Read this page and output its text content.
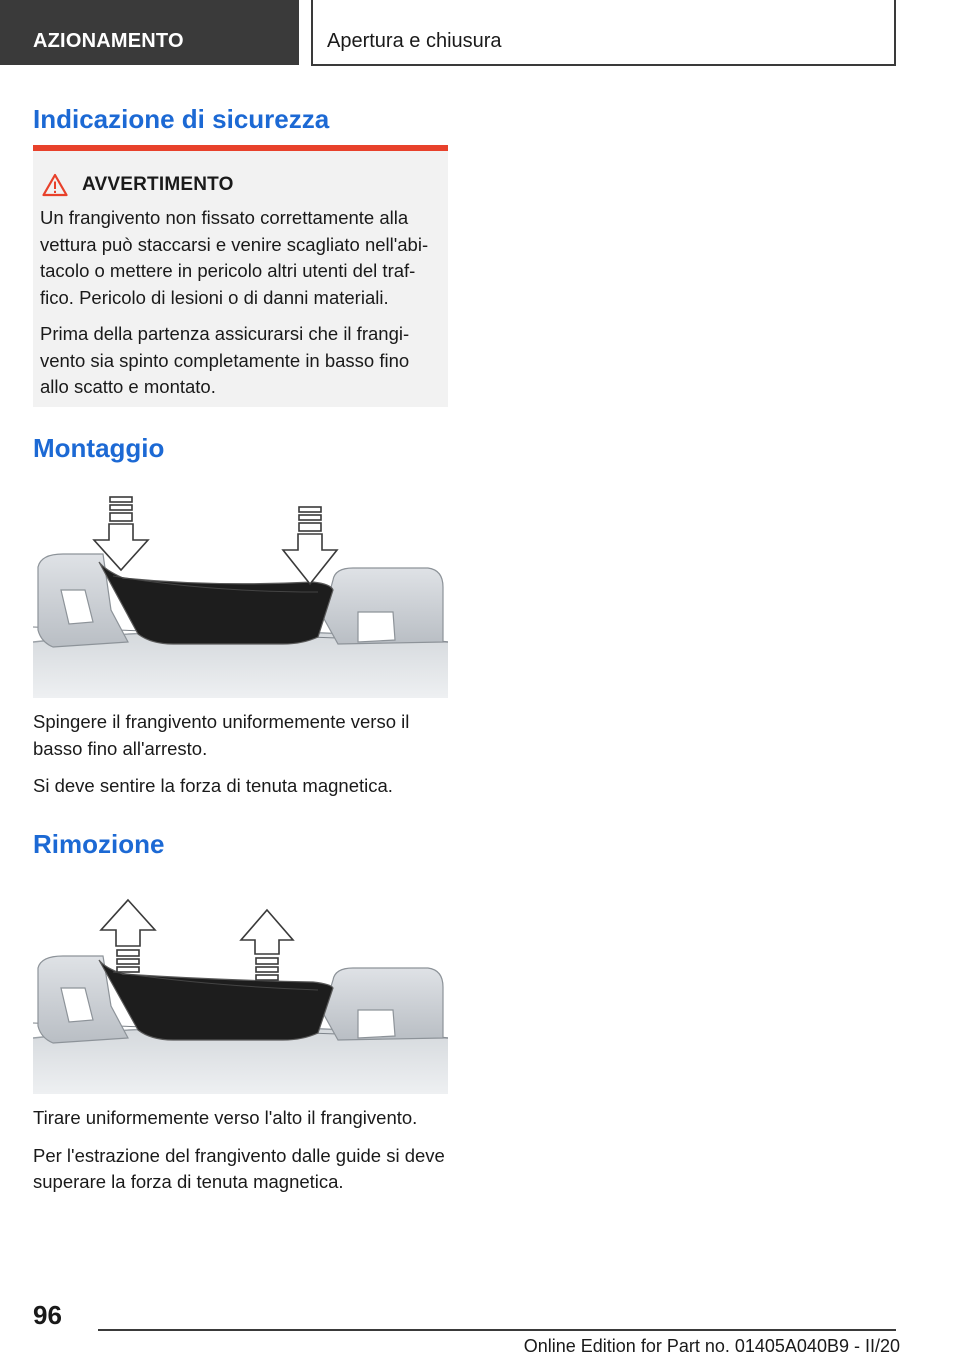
AZIONAMENTO	Apertura e chiusura
Indicazione di sicurezza
AVVERTIMENTO

Un frangivento non fissato correttamente alla vettura può staccarsi e venire scagliato nell'abitacolo o mettere in pericolo altri utenti del traffico. Pericolo di lesioni o di danni materiali.

Prima della partenza assicurarsi che il frangivento sia spinto completamente in basso fino allo scatto e montato.

Montaggio

Spingere il frangivento uniformemente verso il basso fino all'arresto.

Si deve sentire la forza di tenuta magnetica.

Rimozione

Tirare uniformemente verso l'alto il frangivento.

Per l'estrazione del frangivento dalle guide si deve superare la forza di tenuta magnetica.

96
Online Edition for Part no. 01405A040B9 - II/20
